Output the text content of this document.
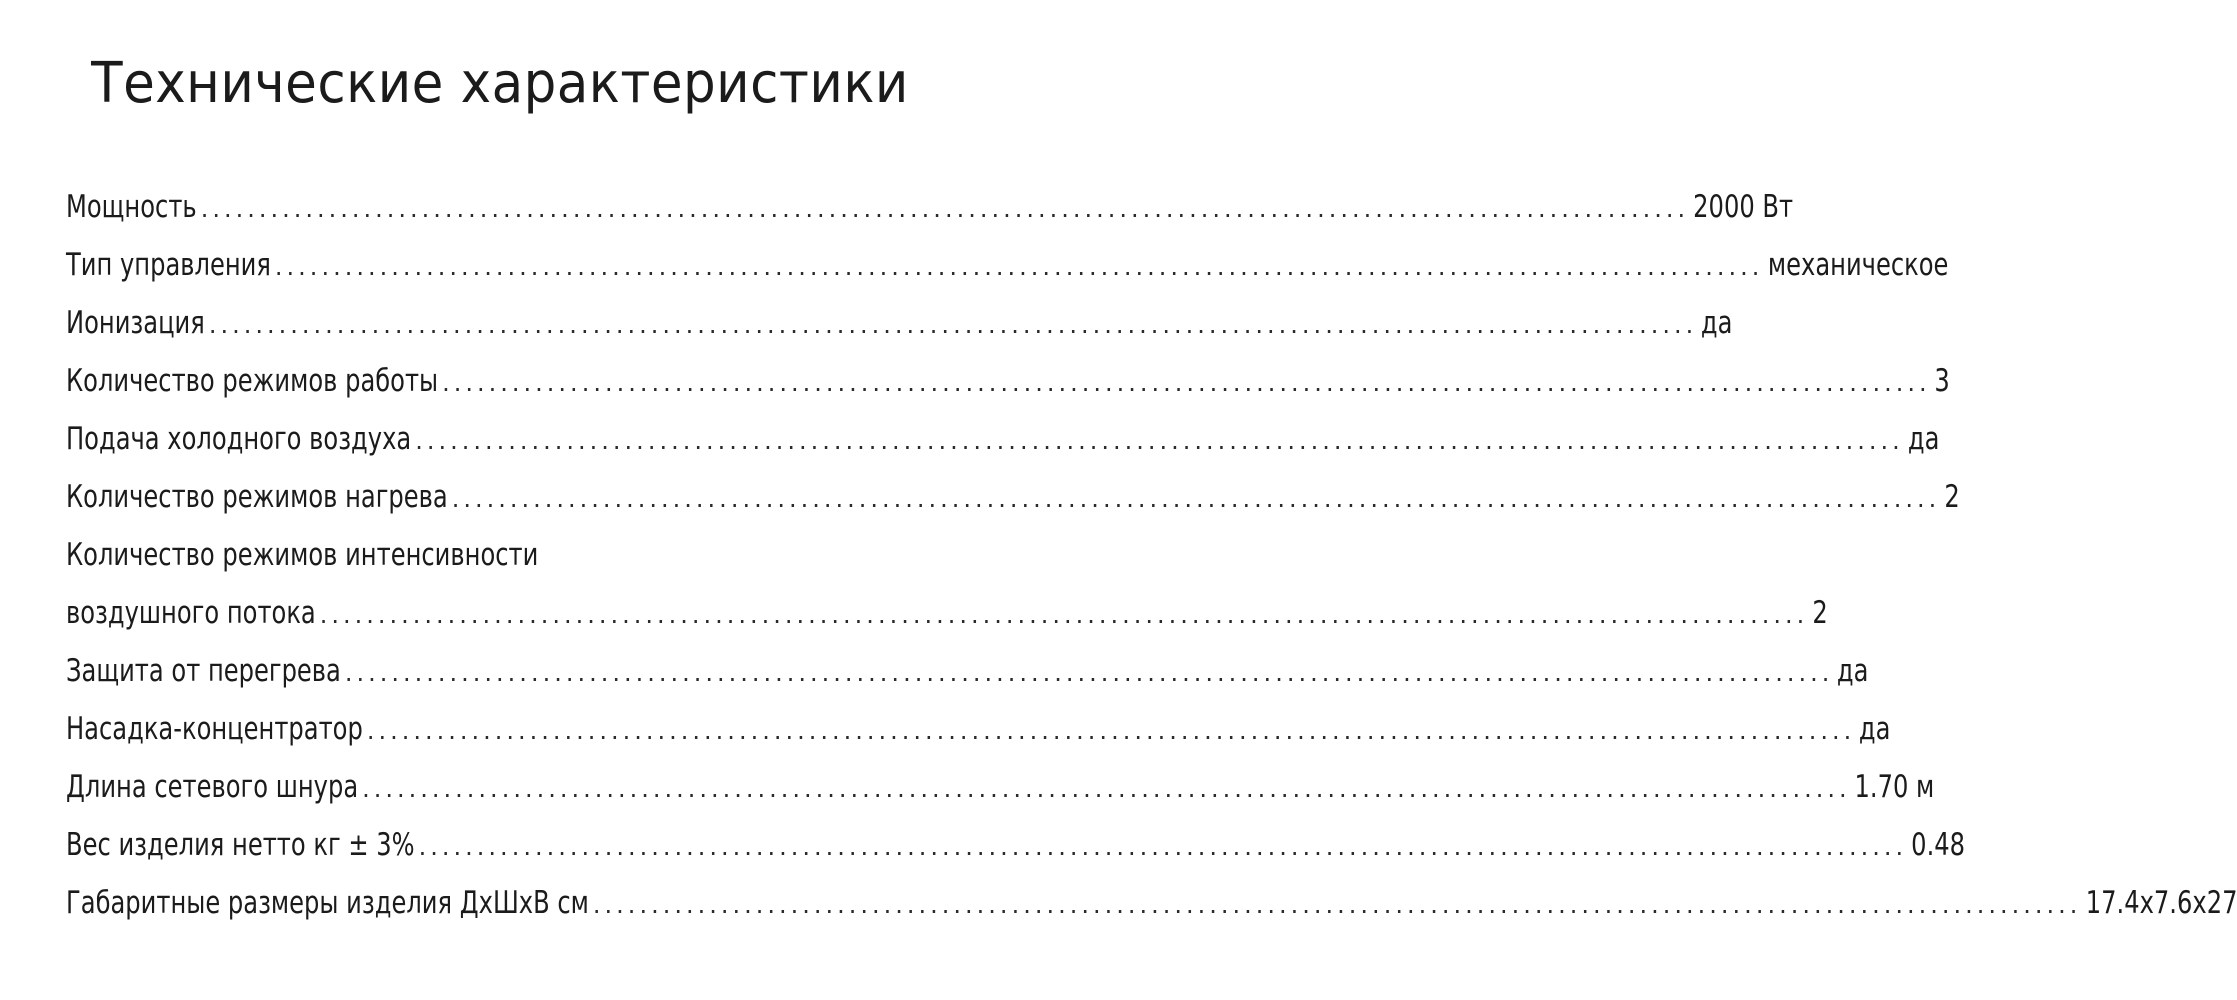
Технические характеристики
Мощность ................................................................................................................................ 2000 Вт
Тип управления ................................................................................................................................ механическое
Ионизация ................................................................................................................................ да
Количество режимов работы ................................................................................................................................ 3
Подача холодного воздуха ................................................................................................................................ да
Количество режимов нагрева ................................................................................................................................ 2
Количество режимов интенсивности
воздушного потока ................................................................................................................................ 2
Защита от перегрева ................................................................................................................................ да
Насадка-концентратор ................................................................................................................................ да
Длина сетевого шнура ................................................................................................................................ 1.70 м
Вес изделия нетто кг ± 3% ................................................................................................................................ 0.48
Габаритные размеры изделия ДхШхВ см ................................................................................................................................ 17.4x7.6x27
